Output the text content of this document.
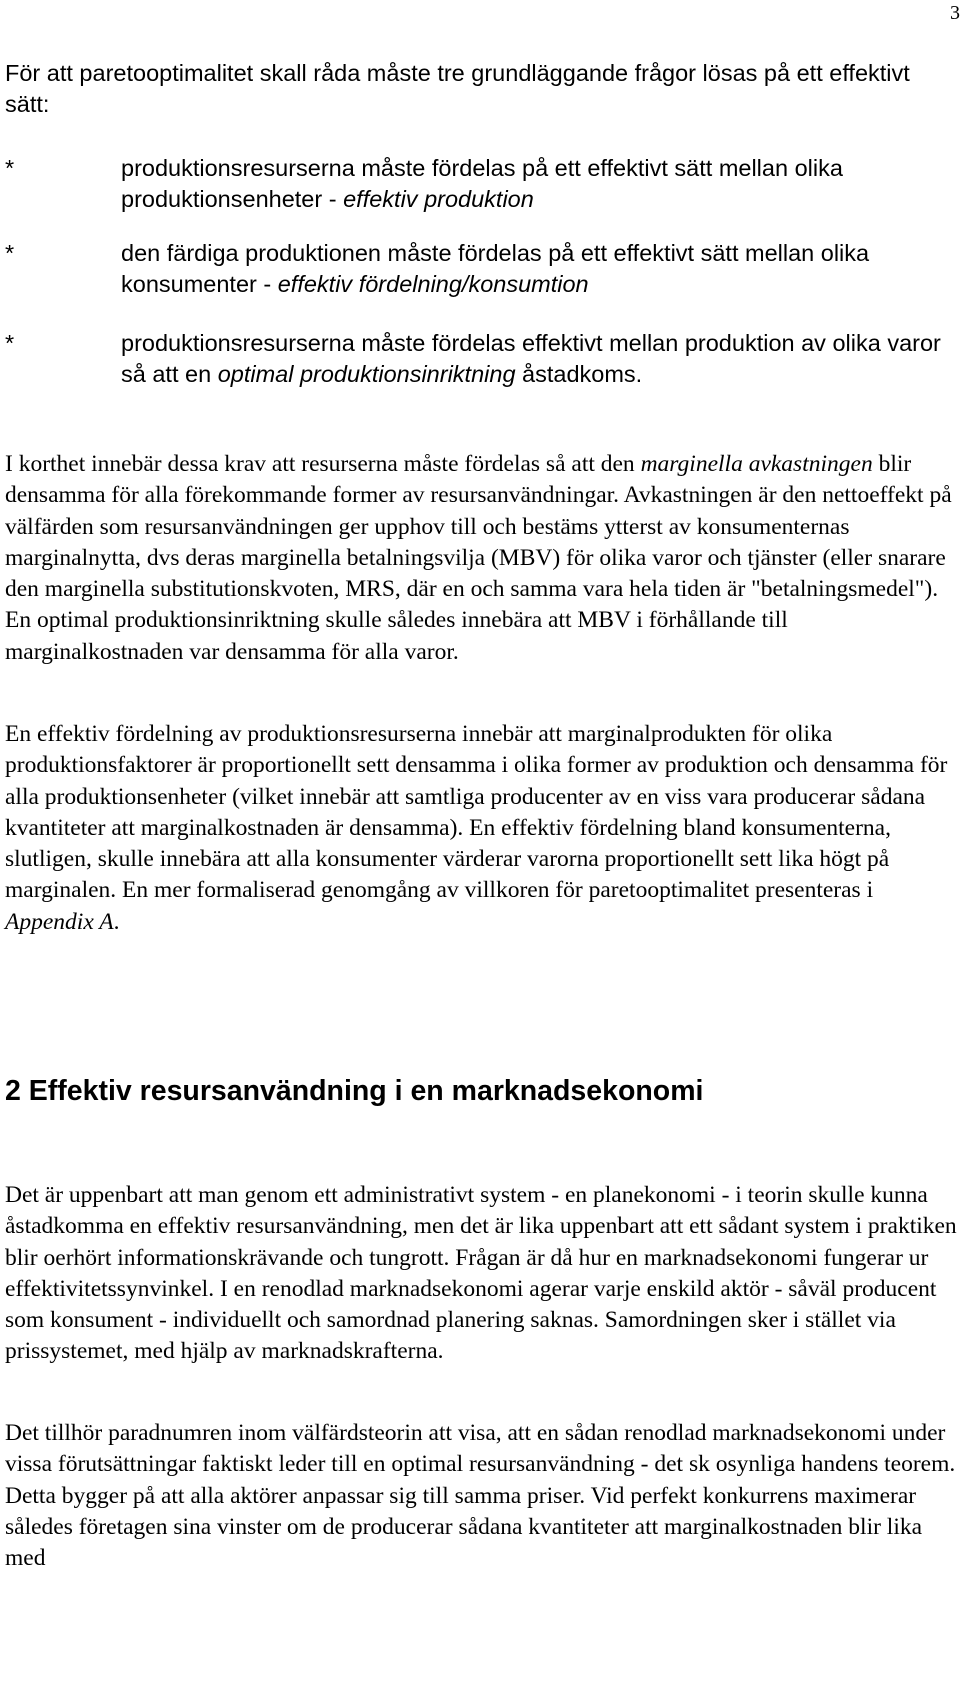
3

För att paretooptimalitet skall råda måste tre grundläggande frågor lösas på ett effektivt sätt:

*	produktionsresurserna måste fördelas på ett effektivt sätt mellan olika produktionsenheter - effektiv produktion

*	den färdiga produktionen måste fördelas på ett effektivt sätt mellan olika konsumenter - effektiv fördelning/konsumtion

*	produktionsresurserna måste fördelas effektivt mellan produktion av olika varor så att en optimal produktionsinriktning åstadkoms.

I korthet innebär dessa krav att resurserna måste fördelas så att den marginella avkastningen blir densamma för alla förekommande former av resursanvändningar. Avkastningen är den nettoeffekt på välfärden som resursanvändningen ger upphov till och bestäms ytterst av konsumenternas marginalnytta, dvs deras marginella betalningsvilja (MBV) för olika varor och tjänster (eller snarare den marginella substitutionskvoten, MRS, där en och samma vara hela tiden är "betalningsmedel"). En optimal produktionsinriktning skulle således innebära att MBV i förhållande till marginalkostnaden var densamma för alla varor.

En effektiv fördelning av produktionsresurserna innebär att marginalprodukten för olika produktionsfaktorer är proportionellt sett densamma i olika former av produktion och densamma för alla produktionsenheter (vilket innebär att samtliga producenter av en viss vara producerar sådana kvantiteter att marginalkostnaden är densamma). En effektiv fördelning bland konsumenterna, slutligen, skulle innebära att alla konsumenter värderar varorna proportionellt sett lika högt på marginalen. En mer formaliserad genomgång av villkoren för paretooptimalitet presenteras i Appendix A.

2 Effektiv resursanvändning i en marknadsekonomi

Det är uppenbart att man genom ett administrativt system - en planekonomi - i teorin skulle kunna åstadkomma en effektiv resursanvändning, men det är lika uppenbart att ett sådant system i praktiken blir oerhört informationskrävande och tungrott. Frågan är då hur en marknadsekonomi fungerar ur effektivitetssynvinkel. I en renodlad marknadsekonomi agerar varje enskild aktör - såväl producent som konsument - individuellt och samordnad planering saknas. Samordningen sker i stället via prissystemet, med hjälp av marknadskrafterna.

Det tillhör paradnumren inom välfärdsteorin att visa, att en sådan renodlad marknadsekonomi under vissa förutsättningar faktiskt leder till en optimal resursanvändning - det sk osynliga handens teorem. Detta bygger på att alla aktörer anpassar sig till samma priser. Vid perfekt konkurrens maximerar således företagen sina vinster om de producerar sådana kvantiteter att marginalkostnaden blir lika med
